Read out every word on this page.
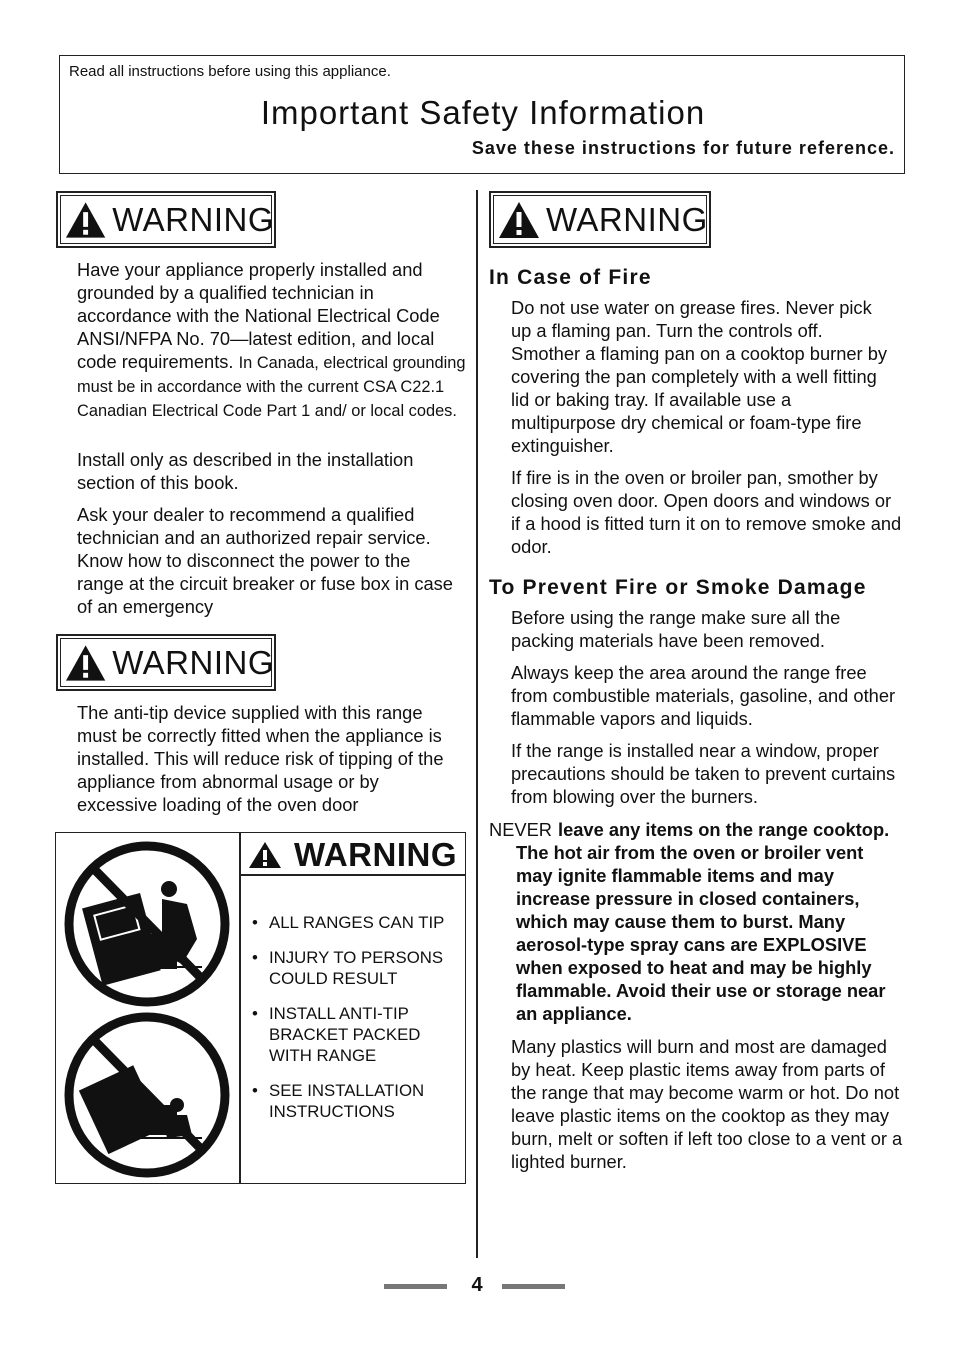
Read all instructions before using this appliance.
Important Safety Information
Save these instructions for future reference.
WARNING
Have your appliance properly installed and grounded by a qualified technician in accordance with the National Electrical Code ANSI/NFPA No. 70—latest edition, and local code requirements. In Canada, electrical grounding must be in accordance with the current CSA C22.1 Canadian Electrical Code Part 1 and/ or local codes.
Install only as described in the installation section of this book.
Ask your dealer to recommend a qualified technician and an authorized repair service. Know how to disconnect the power to the range at the circuit breaker or fuse box in case of an emergency
WARNING
The anti-tip device supplied with this range must be correctly fitted when the appliance is installed. This will reduce risk of tipping of the appliance from abnormal usage or by excessive loading of the oven door
WARNING
• ALL RANGES CAN TIP
• INJURY TO PERSONS COULD RESULT
• INSTALL ANTI-TIP BRACKET PACKED WITH RANGE
• SEE INSTALLATION INSTRUCTIONS
WARNING
In Case of Fire
Do not use water on grease fires. Never pick up a flaming pan. Turn the controls off. Smother a flaming pan on a cooktop burner by covering the pan completely with a well fitting lid or baking tray. If available use a multipurpose dry chemical or foam-type fire extinguisher.
If fire is in the oven or broiler pan, smother by closing oven door. Open doors and windows or if a hood is fitted turn it on to remove smoke and odor.
To Prevent Fire or Smoke Damage
Before using the range make sure all the packing materials have been removed.
Always keep the area around the range free from combustible materials, gasoline, and other flammable vapors and liquids.
If the range is installed near a window, proper precautions should be taken to prevent curtains from blowing over the burners.
NEVER leave any items on the range cooktop. The hot air from the oven or broiler vent may ignite flammable items and may increase pressure in closed containers, which may cause them to burst. Many aerosol-type spray cans are EXPLOSIVE when exposed to heat and may be highly flammable. Avoid their use or storage near an appliance.
Many plastics will burn and most are damaged by heat. Keep plastic items away from parts of the range that may become warm or hot. Do not leave plastic items on the cooktop as they may burn, melt or soften if left too close to a vent or a lighted burner.
4
